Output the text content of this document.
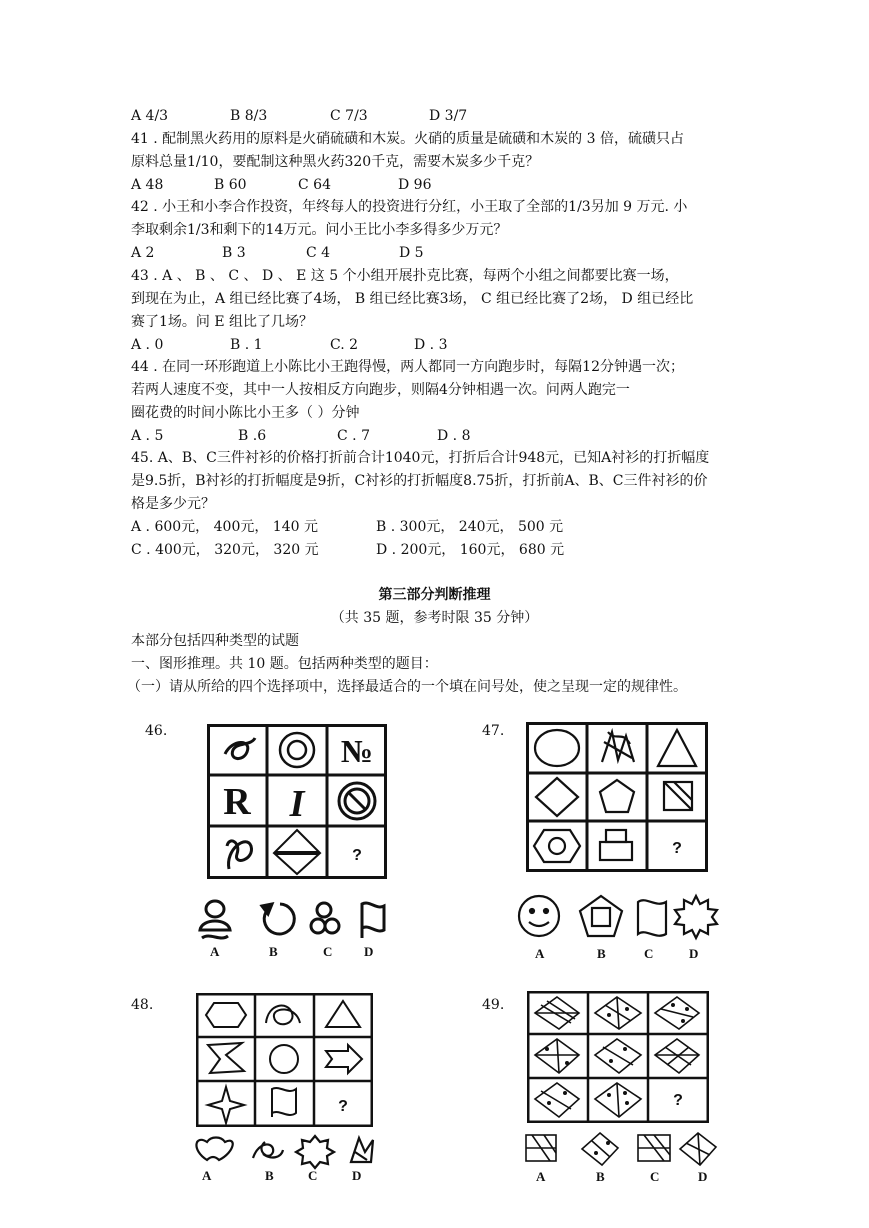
A 4/3	B 8/3	C 7/3	D 3/7
41 . 配制黑火药用的原料是火硝硫磺和木炭。火硝的质量是硫磺和木炭的 3 倍，硫磺只占
原料总量1/10，要配制这种黑火药320千克，需要木炭多少千克？
A 48	B 60	C 64	D 96
42 . 小王和小李合作投资，年终每人的投资进行分红，小王取了全部的1/3另加 9 万元. 小
李取剩余1/3和剩下的14万元。问小王比小李多得多少万元？
A 2	B 3	C 4	D 5
43 . A 、 B 、 C 、 D 、 E 这 5 个小组开展扑克比赛，每两个小组之间都要比赛一场，
到现在为止，A 组已经比赛了4场， B 组已经比赛3场， C 组已经比赛了2场， D 组已经比
赛了1场。问 E 组比了几场？
A . 0	B . 1	C. 2	D . 3
44 . 在同一环形跑道上小陈比小王跑得慢，两人都同一方向跑步时，每隔12分钟遇一次；
若两人速度不变，其中一人按相反方向跑步，则隔4分钟相遇一次。问两人跑完一
圈花费的时间小陈比小王多（ ）分钟
A . 5	B .6	C . 7	D . 8
45. A、B、C三件衬衫的价格打折前合计1040元，打折后合计948元，已知A衬衫的打折幅度
是9.5折，B衬衫的打折幅度是9折，C衬衫的打折幅度8.75折，打折前A、B、C三件衬衫的价
格是多少元？
A . 600元， 400元， 140 元	B . 300元， 240元， 500 元
C . 400元， 320元， 320 元	D . 200元， 160元， 680 元
第三部分判断推理
（共 35 题，参考时限 35 分钟）
本部分包括四种类型的试题
一、图形推理。共 10 题。包括两种类型的题目：
（一）请从所给的四个选择项中，选择最适合的一个填在问号处，使之呈现一定的规律性。
46.
№
R I
?
A	B	C D
47.
?
A	B	C	D
48.
?
A	B	C	D
49.
?
A	B	C	D
